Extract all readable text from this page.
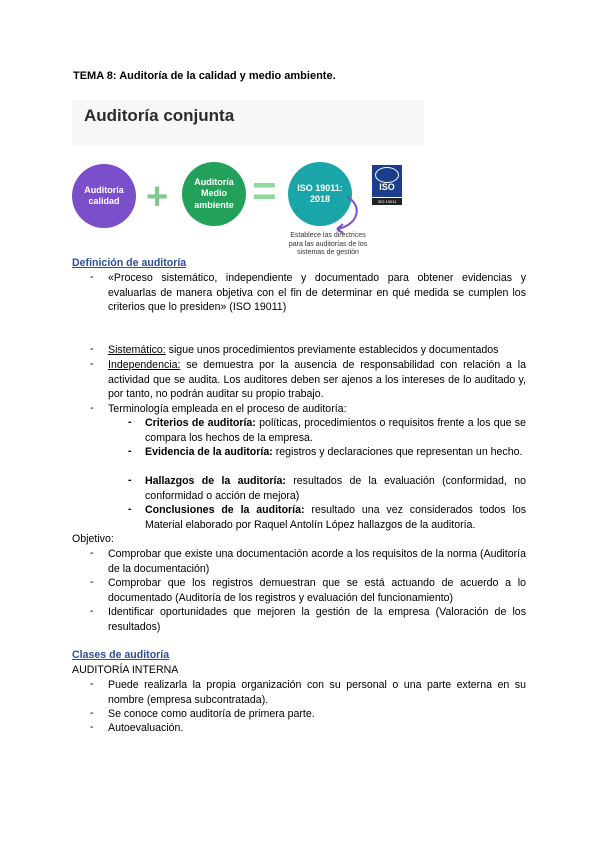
TEMA 8: Auditoría de la calidad y medio ambiente.
Auditoría conjunta
Auditoría calidad +	Auditoría Medio ambiente =	ISO 19011: 2018
ISO
ISO 19011
Establece las directrices para las auditorías de los sistemas de gestión
Definición de auditoría
- «Proceso sistemático, independiente y documentado para obtener evidencias y evaluarlas de manera objetiva con el fin de determinar en qué medida se cumplen los criterios que lo presiden» (ISO 19011)
- Sistemático: sigue unos procedimientos previamente establecidos y documentados
- Independencia: se demuestra por la ausencia de responsabilidad con relación a la actividad que se audita. Los auditores deben ser ajenos a los intereses de lo auditado y, por tanto, no podrán auditar su propio trabajo.
- Terminología empleada en el proceso de auditoría:
- Criterios de auditoría: políticas, procedimientos o requisitos frente a los que se compara los hechos de la empresa.
- Evidencia de la auditoría: registros y declaraciones que representan un hecho.
- Hallazgos de la auditoría: resultados de la evaluación (conformidad, no conformidad o acción de mejora)
- Conclusiones de la auditoría: resultado una vez considerados todos los Material elaborado por Raquel Antolín López hallazgos de la auditoría.
Objetivo:
- Comprobar que existe una documentación acorde a los requisitos de la norma (Auditoría de la documentación)
- Comprobar que los registros demuestran que se está actuando de acuerdo a lo documentado (Auditoría de los registros y evaluación del funcionamiento)
- Identificar oportunidades que mejoren la gestión de la empresa (Valoración de los resultados)
Clases de auditoría
AUDITORÍA INTERNA
- Puede realizarla la propia organización con su personal o una parte externa en su nombre (empresa subcontratada).
- Se conoce como auditoría de primera parte.
- Autoevaluación.
